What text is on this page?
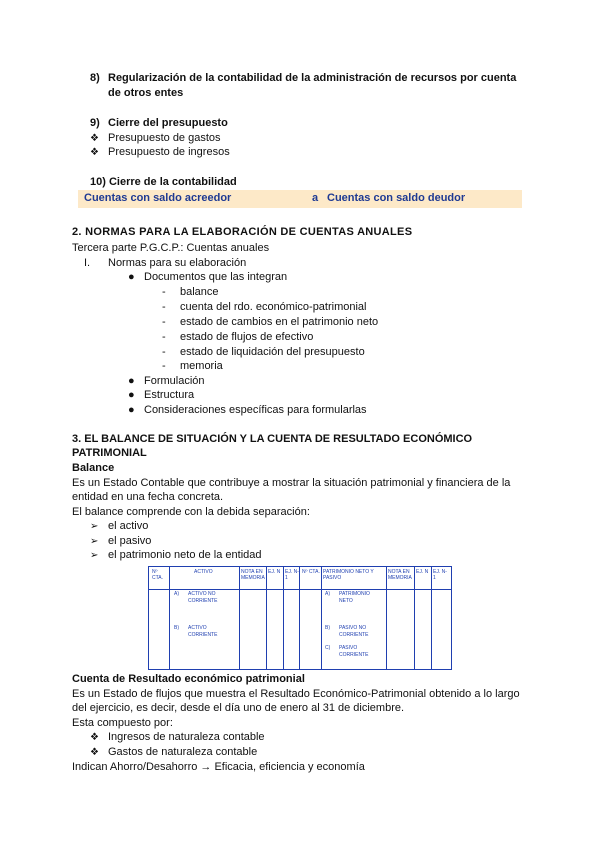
8) Regularización de la contabilidad de la administración de recursos por cuenta
de otros entes
9) Cierre del presupuesto
❖ Presupuesto de gastos
❖ Presupuesto de ingresos
10) Cierre de la contabilidad
Cuentas con saldo acreedor	a Cuentas con saldo deudor
2. NORMAS PARA LA ELABORACIÓN DE CUENTAS ANUALES
Tercera parte P.G.C.P.: Cuentas anuales
I. Normas para su elaboración
● Documentos que las integran
- balance
- cuenta del rdo. económico-patrimonial
- estado de cambios en el patrimonio neto
- estado de flujos de efectivo
- estado de liquidación del presupuesto
- memoria
● Formulación
● Estructura
● Consideraciones específicas para formularlas
3. EL BALANCE DE SITUACIÓN Y LA CUENTA DE RESULTADO ECONÓMICO
PATRIMONIAL
Balance
Es un Estado Contable que contribuye a mostrar la situación patrimonial y financiera de la
entidad en una fecha concreta.
El balance comprende con la debida separación:
➢ el activo
➢ el pasivo
➢ el patrimonio neto de la entidad
Nº CTA.
ACTIVO	NOTA EN MEMORIA
EJ. N EJ. N-1
Nº CTA. PATRIMONIO NETO Y PASIVO
NOTA EN MEMORIA
EJ. N EJ. N-1
A) ACTIVO NO
CORRIENTE
B) ACTIVO
CORRIENTE
A) PATRIMONIO
NETO
B) PASIVO NO
CORRIENTE
C) PASIVO
CORRIENTE
Cuenta de Resultado económico patrimonial
Es un Estado de flujos que muestra el Resultado Económico-Patrimonial obtenido a lo largo
del ejercicio, es decir, desde el día uno de enero al 31 de diciembre.
Esta compuesto por:
❖ Ingresos de naturaleza contable
❖ Gastos de naturaleza contable
Indican Ahorro/Desahorro → Eficacia, eficiencia y economía
